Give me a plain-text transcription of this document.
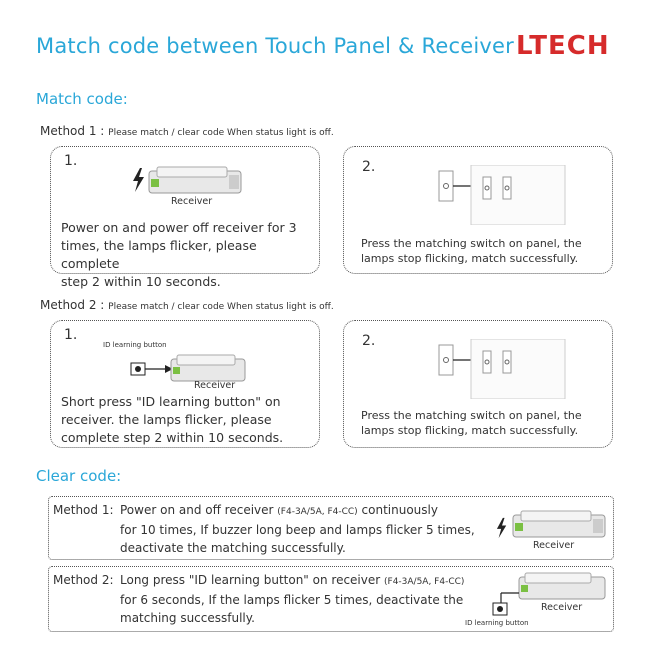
Match code between Touch Panel & Receiver LTECH
Match code:
Method 1 : Please match / clear code When status light is off.
1.
Receiver
Power on and power off receiver for 3
times, the lamps flicker, please complete
step 2 within 10 seconds.
2.
Press the matching switch on panel, the
lamps stop flicking, match successfully.
Method 2 : Please match / clear code When status light is off.
1.
ID learning button
Receiver
Short press "ID learning button" on
receiver. the lamps flicker, please
complete step 2 within 10 seconds.
2.
Press the matching switch on panel, the
lamps stop flicking, match successfully.
Clear code:
Method 1: Power on and off receiver (F4-3A/5A, F4-CC) continuously
for 10 times, If buzzer long beep and lamps flicker 5 times,
deactivate the matching successfully.	Receiver
Method 2: Long press "ID learning button" on receiver (F4-3A/5A, F4-CC)
for 6 seconds, If the lamps flicker 5 times, deactivate the
matching successfully.
Receiver
ID learning button
